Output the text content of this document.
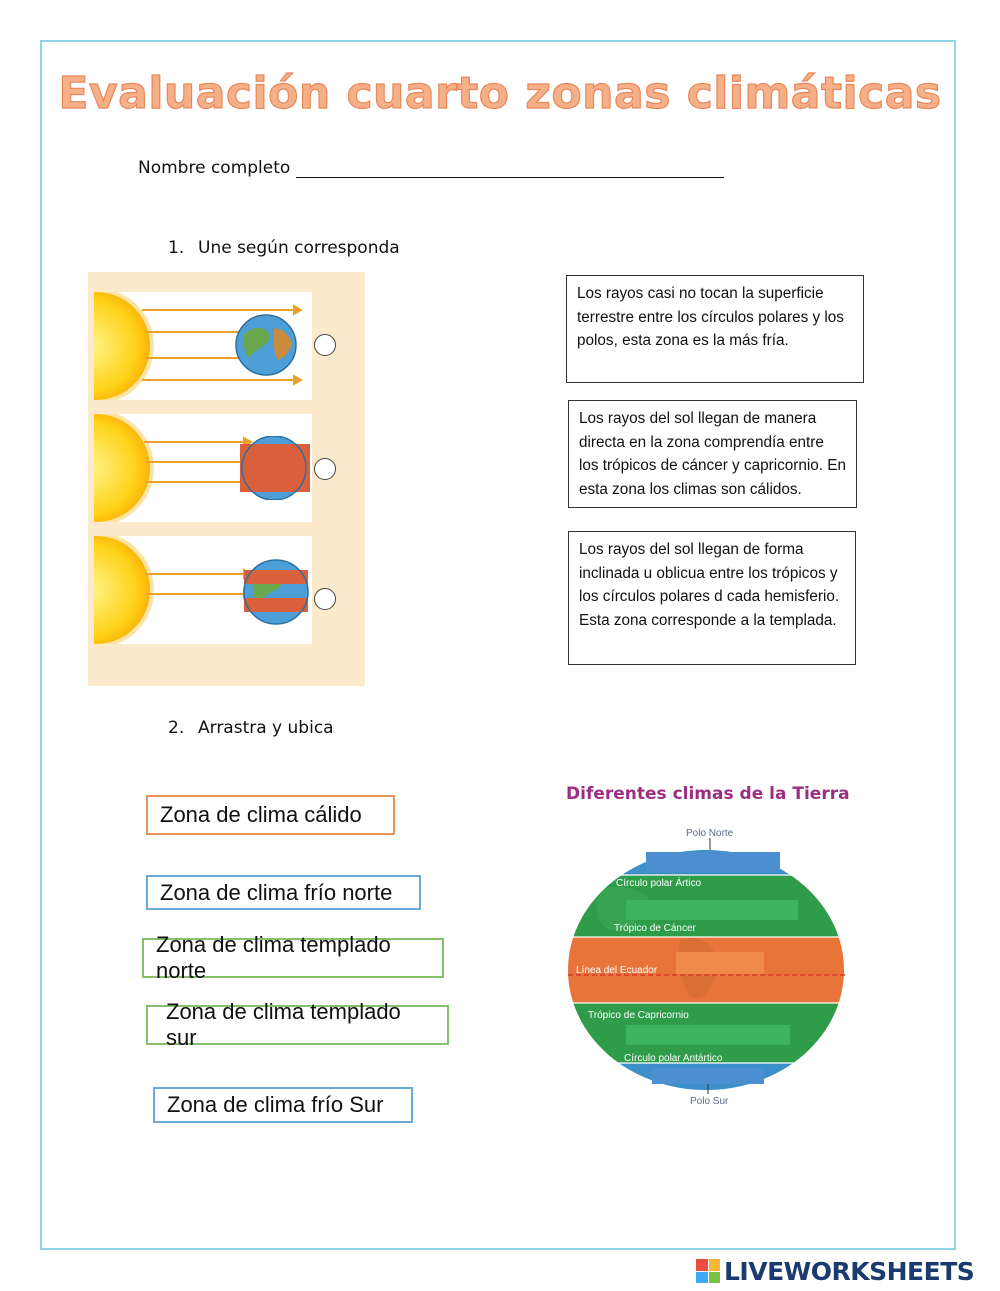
Evaluación cuarto zonas climáticas
Nombre completo
1. Une según corresponda
Los rayos casi no tocan la superficie terrestre entre los círculos polares y los polos, esta zona es la más fría.
Los rayos del sol llegan de manera directa en la zona comprendía entre los trópicos de cáncer y capricornio. En esta zona los climas son cálidos.
Los rayos del sol llegan de forma inclinada u oblicua entre los trópicos y los círculos polares d cada hemisferio. Esta zona corresponde a la templada.
2. Arrastra y ubica
Zona de clima cálido
Zona de clima frío norte
Zona de clima templado norte
Zona de clima templado sur
Zona de clima frío Sur
Diferentes climas de la Tierra
Polo Norte
Círculo polar Ártico
Trópico de Cáncer
Línea del Ecuador
Trópico de Capricornio
Círculo polar Antártico
Polo Sur
LIVEWORKSHEETS
